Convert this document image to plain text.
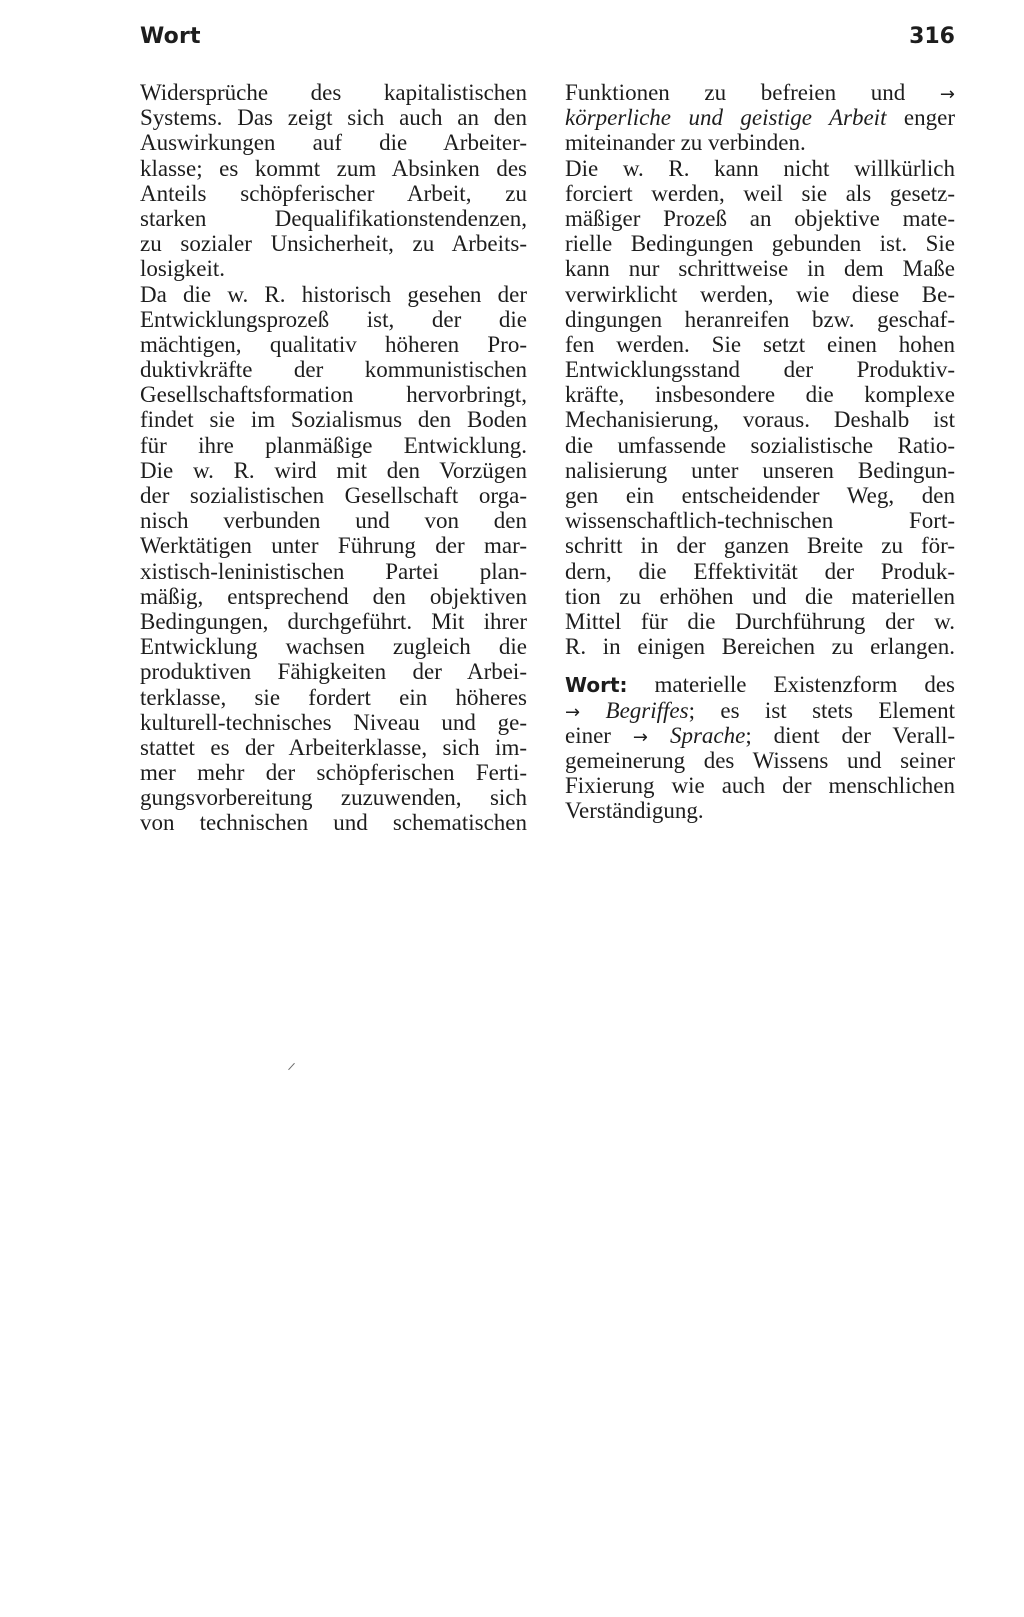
Wort	316
Widersprüche des kapitalistischen
Systems. Das zeigt sich auch an den
Auswirkungen auf die Arbeiter-
klasse; es kommt zum Absinken des
Anteils schöpferischer Arbeit, zu
starken Dequalifikationstendenzen,
zu sozialer Unsicherheit, zu Arbeits-
losigkeit.
Da die w. R. historisch gesehen der
Entwicklungsprozeß ist, der die
mächtigen, qualitativ höheren Pro-
duktivkräfte der kommunistischen
Gesellschaftsformation hervorbringt,
findet sie im Sozialismus den Boden
für ihre planmäßige Entwicklung.
Die w. R. wird mit den Vorzügen
der sozialistischen Gesellschaft orga-
nisch verbunden und von den
Werktätigen unter Führung der mar-
xistisch-leninistischen Partei plan-
mäßig, entsprechend den objektiven
Bedingungen, durchgeführt. Mit ihrer
Entwicklung wachsen zugleich die
produktiven Fähigkeiten der Arbei-
terklasse, sie fordert ein höheres
kulturell-technisches Niveau und ge-
stattet es der Arbeiterklasse, sich im-
mer mehr der schöpferischen Ferti-
gungsvorbereitung zuzuwenden, sich
von technischen und schematischen
Funktionen zu befreien und →
körperliche und geistige Arbeit enger
miteinander zu verbinden.
Die w. R. kann nicht willkürlich
forciert werden, weil sie als gesetz-
mäßiger Prozeß an objektive mate-
rielle Bedingungen gebunden ist. Sie
kann nur schrittweise in dem Maße
verwirklicht werden, wie diese Be-
dingungen heranreifen bzw. geschaf-
fen werden. Sie setzt einen hohen
Entwicklungsstand der Produktiv-
kräfte, insbesondere die komplexe
Mechanisierung, voraus. Deshalb ist
die umfassende sozialistische Ratio-
nalisierung unter unseren Bedingun-
gen ein entscheidender Weg, den
wissenschaftlich-technischen Fort-
schritt in der ganzen Breite zu för-
dern, die Effektivität der Produk-
tion zu erhöhen und die materiellen
Mittel für die Durchführung der w.
R. in einigen Bereichen zu erlangen.
Wort: materielle Existenzform des
→ Begriffes; es ist stets Element
einer → Sprache; dient der Verall-
gemeinerung des Wissens und seiner
Fixierung wie auch der menschlichen
Verständigung.
